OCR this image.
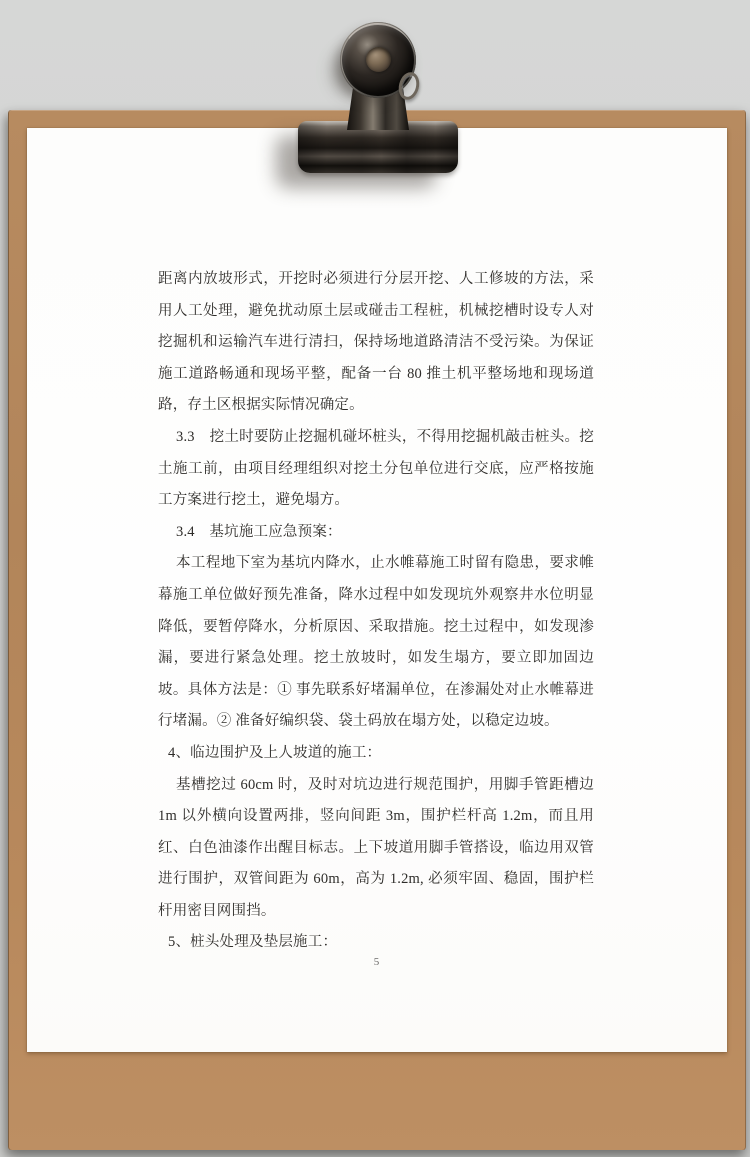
距离内放坡形式，开挖时必须进行分层开挖、人工修坡的方法，采用人工处理，避免扰动原土层或碰击工程桩，机械挖槽时设专人对挖掘机和运输汽车进行清扫，保持场地道路清洁不受污染。为保证施工道路畅通和现场平整，配备一台 80 推土机平整场地和现场道路，存土区根据实际情况确定。

3.3　挖土时要防止挖掘机碰坏桩头，不得用挖掘机敲击桩头。挖土施工前，由项目经理组织对挖土分包单位进行交底，应严格按施工方案进行挖土，避免塌方。

3.4　基坑施工应急预案：

本工程地下室为基坑内降水，止水帷幕施工时留有隐患，要求帷幕施工单位做好预先准备，降水过程中如发现坑外观察井水位明显降低，要暂停降水，分析原因、采取措施。挖土过程中，如发现渗漏，要进行紧急处理。挖土放坡时，如发生塌方，要立即加固边坡。具体方法是：① 事先联系好堵漏单位，在渗漏处对止水帷幕进行堵漏。② 准备好编织袋、袋土码放在塌方处，以稳定边坡。

4、临边围护及上人坡道的施工：

基槽挖过 60cm 时，及时对坑边进行规范围护，用脚手管距槽边 1m 以外横向设置两排，竖向间距 3m，围护栏杆高 1.2m，而且用红、白色油漆作出醒目标志。上下坡道用脚手管搭设，临边用双管进行围护，双管间距为 60m，高为 1.2m, 必须牢固、稳固，围护栏杆用密目网围挡。

5、桩头处理及垫层施工：

5
